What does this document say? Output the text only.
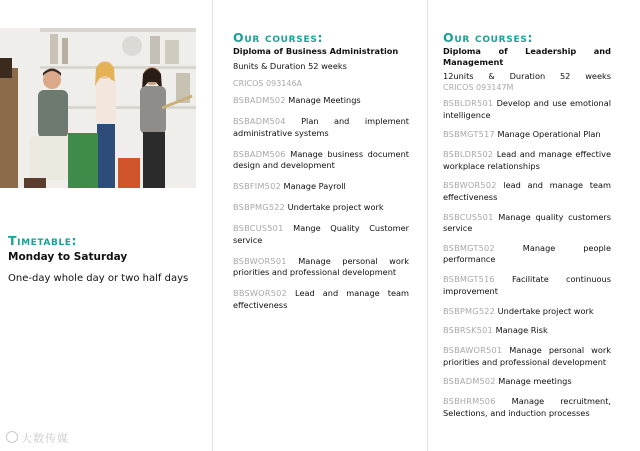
Timetable:
Monday to Saturday
One-day whole day or two half days
大数传媒
Our courses:
Diploma of Business Administration
8units & Duration 52 weeks
CRICOS 093146A
BSBADM502 Manage Meetings
BSBADM504 Plan and implement administrative systems
BSBADM506 Manage business document design and development
BSBFIM502 Manage Payroll
BSBPMG522 Undertake project work
BSBCUS501 Mange Quality Customer service
BSBWOR501 Manage personal work priorities and professional development
BBSWOR502 Lead and manage team effectiveness
Our courses:
Diploma of Leadership and Management
12units & Duration 52 weeks
CRICOS 093147M
BSBLDR501 Develop and use emotional intelligence
BSBMGT517 Manage Operational Plan
BSBLDR502 Lead and manage effective workplace relationships
BSBWOR502 lead and manage team effectiveness
BSBCUS501 Manage quality customers service
BSBMGT502	Manage people performance
BSBMGT516 Facilitate continuous improvement
BSBPMG522 Undertake project work
BSBRSK501 Manage Risk
BSBAWOR501 Manage personal work priorities and professional development
BSBADM502 Manage meetings
BSBHRM506 Manage recruitment, Selections, and induction processes
